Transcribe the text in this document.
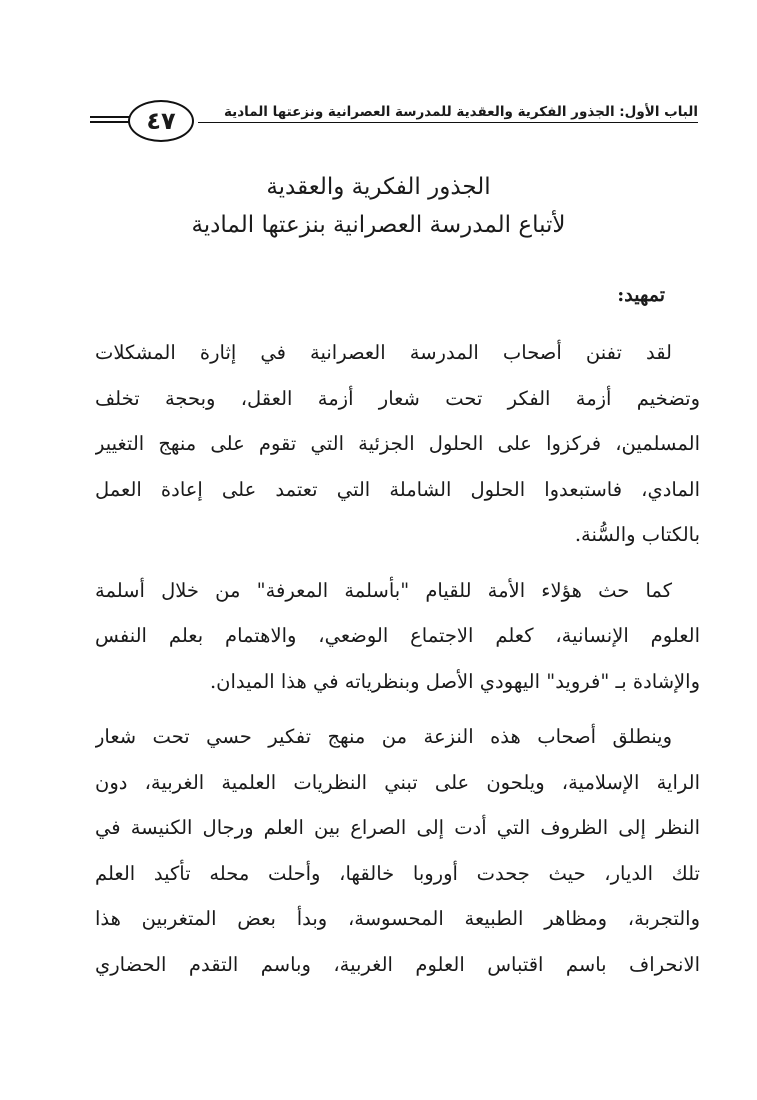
٤٧	الباب الأول: الجذور الفكرية والعقدية للمدرسة العصرانية ونزعتها المادية
الجذور الفكرية والعقدية
لأتباع المدرسة العصرانية بنزعتها المادية
تمهيد:
لقد تفنن أصحاب المدرسة العصرانية في إثارة المشكلات
وتضخيم أزمة الفكر تحت شعار أزمة العقل، وبحجة تخلف
المسلمين، فركزوا على الحلول الجزئية التي تقوم على منهج التغيير
المادي، فاستبعدوا الحلول الشاملة التي تعتمد على إعادة العمل
بالكتاب والسُّنة.
كما حث هؤلاء الأمة للقيام "بأسلمة المعرفة" من خلال أسلمة
العلوم الإنسانية، كعلم الاجتماع الوضعي، والاهتمام بعلم النفس
والإشادة بـ "فرويد" اليهودي الأصل وبنظرياته في هذا الميدان.
وينطلق أصحاب هذه النزعة من منهج تفكير حسي تحت شعار
الراية الإسلامية، ويلحون على تبني النظريات العلمية الغربية، دون
النظر إلى الظروف التي أدت إلى الصراع بين العلم ورجال الكنيسة في
تلك الديار، حيث جحدت أوروبا خالقها، وأحلت محله تأكيد العلم
والتجربة، ومظاهر الطبيعة المحسوسة، وبدأ بعض المتغربين هذا
الانحراف باسم اقتباس العلوم الغربية، وباسم التقدم الحضاري
